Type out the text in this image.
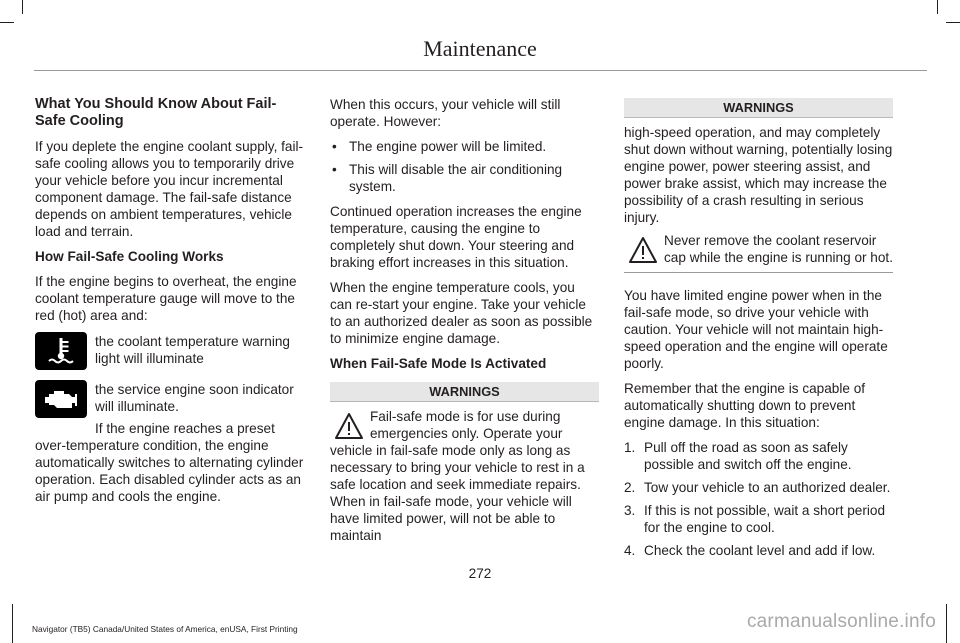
Maintenance
What You Should Know About Fail-Safe Cooling

If you deplete the engine coolant supply, fail-safe cooling allows you to temporarily drive your vehicle before you incur incremental component damage. The fail-safe distance depends on ambient temperatures, vehicle load and terrain.

How Fail-Safe Cooling Works

If the engine begins to overheat, the engine coolant temperature gauge will move to the red (hot) area and:

the coolant temperature warning light will illuminate
the service engine soon indicator will illuminate.

If the engine reaches a preset over-temperature condition, the engine automatically switches to alternating cylinder operation. Each disabled cylinder acts as an air pump and cools the engine.

When this occurs, your vehicle will still operate. However:

• The engine power will be limited.
• This will disable the air conditioning system.

Continued operation increases the engine temperature, causing the engine to completely shut down. Your steering and braking effort increases in this situation.

When the engine temperature cools, you can re-start your engine. Take your vehicle to an authorized dealer as soon as possible to minimize engine damage.

When Fail-Safe Mode Is Activated
WARNINGS
Fail-safe mode is for use during emergencies only. Operate your vehicle in fail-safe mode only as long as necessary to bring your vehicle to rest in a safe location and seek immediate repairs. When in fail-safe mode, your vehicle will have limited power, will not be able to maintain
WARNINGS

high-speed operation, and may completely shut down without warning, potentially losing engine power, power steering assist, and power brake assist, which may increase the possibility of a crash resulting in serious injury.

Never remove the coolant reservoir cap while the engine is running or hot.

You have limited engine power when in the fail-safe mode, so drive your vehicle with caution. Your vehicle will not maintain high-speed operation and the engine will operate poorly.

Remember that the engine is capable of automatically shutting down to prevent engine damage. In this situation:

1. Pull off the road as soon as safely possible and switch off the engine.
2. Tow your vehicle to an authorized dealer.
3. If this is not possible, wait a short period for the engine to cool.
4. Check the coolant level and add if low.
272
Navigator (TB5) Canada/United States of America, enUSA, First Printing	carmanualsonline.info
